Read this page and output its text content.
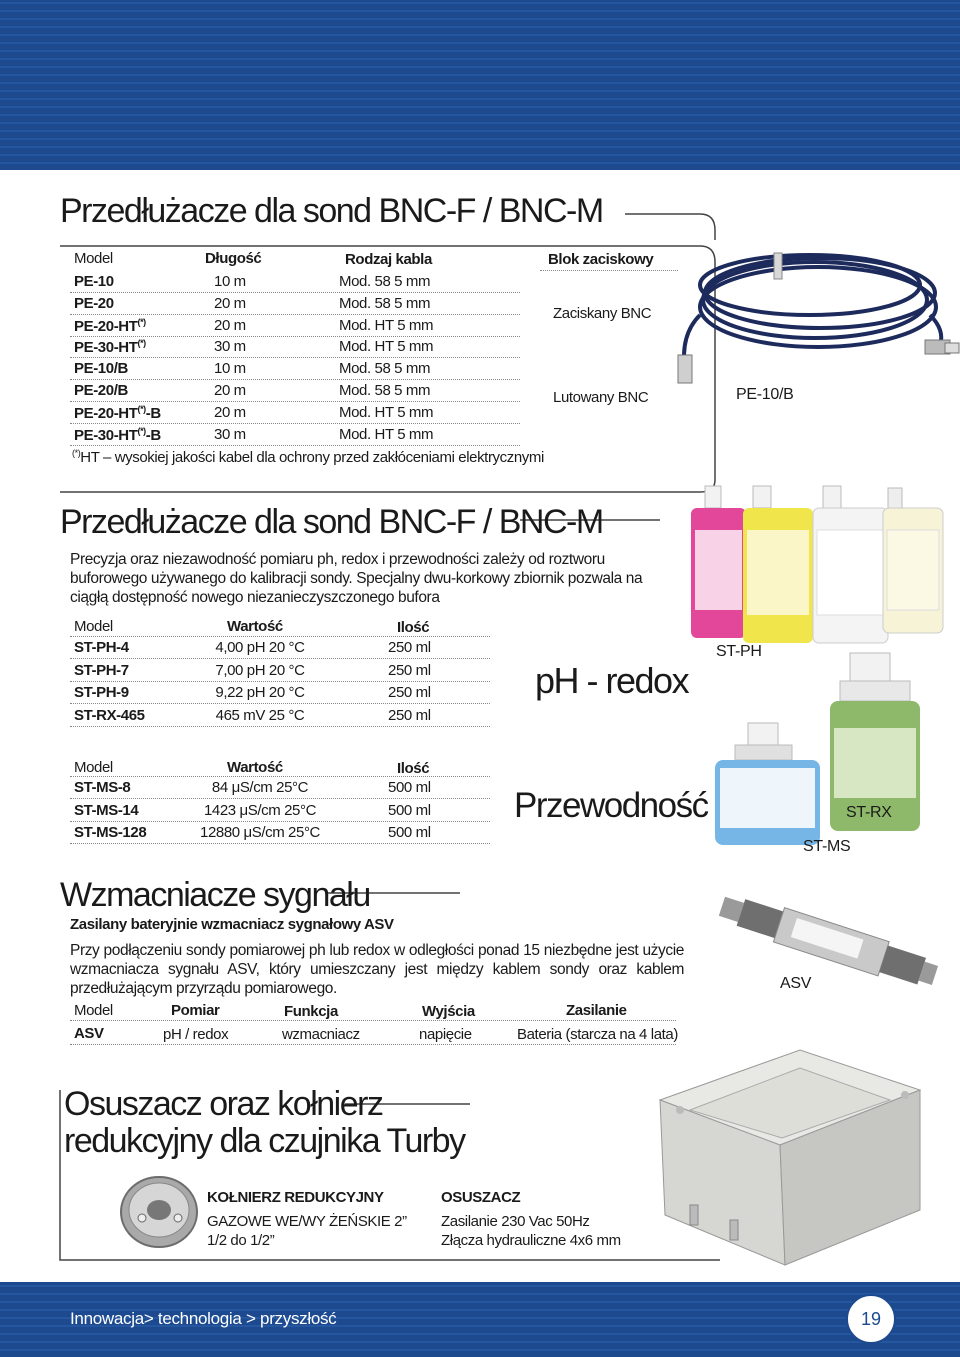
Przedłużacze dla sond BNC-F / BNC-M
Model	Długość	Rodzaj kabla	Blok zaciskowy
PE-10	10 m	Mod. 58 5 mm
PE-20	20 m	Mod. 58 5 mm
PE-20-HT(*)	20 m	Mod. HT 5 mm
PE-30-HT(*)	30 m	Mod. HT 5 mm
PE-10/B	10 m	Mod. 58 5 mm
PE-20/B	20 m	Mod. 58 5 mm
PE-20-HT(*)-B	20 m	Mod. HT 5 mm
PE-30-HT(*)-B	30 m	Mod. HT 5 mm
Zaciskany BNC
Lutowany BNC
(*)HT – wysokiej jakości kabel dla ochrony przed zakłóceniami elektrycznymi
PE-10/B
Przedłużacze dla sond BNC-F / BNC-M

Precyzja oraz niezawodność pomiaru ph, redox i przewodności zależy od roztworu buforowego używanego do kalibracji sondy. Specjalny dwu-korkowy zbiornik pozwala na ciągłą dostępność nowego niezanieczyszczonego bufora

Model	Wartość	Ilość
ST-PH-4	4,00 pH 20 °C	250 ml
ST-PH-7	7,00 pH 20 °C	250 ml
ST-PH-9	9,22 pH 20 °C	250 ml
ST-RX-465	465 mV 25 °C	250 ml
pH - redox
ST-PH
Model	Wartość	Ilość
ST-MS-8	84 μS/cm 25°C	500 ml
ST-MS-14	1423 μS/cm 25°C	500 ml
ST-MS-128	12880 μS/cm 25°C	500 ml
Przewodność	ST-RX
ST-MS
Wzmacniacze sygnału
Zasilany bateryjnie wzmacniacz sygnałowy ASV

Przy podłączeniu sondy pomiarowej ph lub redox w odległości ponad 15 niezbędne jest użycie wzmacniacza sygnału ASV, który umieszczany jest między kablem sondy oraz kablem przedłużającym przyrządu pomiarowego.

Model	Pomiar	Funkcja	Wyjścia	Zasilanie
ASV	pH / redox	wzmacniacz	napięcie	Bateria (starcza na 4 lata)
ASV
Osuszacz oraz kołnierz
redukcyjny dla czujnika Turby
KOŁNIERZ REDUKCYJNY
GAZOWE WE/WY ŻEŃSKIE 2”
1/2 do 1/2”
OSUSZACZ
Zasilanie 230 Vac 50Hz
Złącza hydrauliczne 4x6 mm
Innowacja> technologia > przyszłość	19
